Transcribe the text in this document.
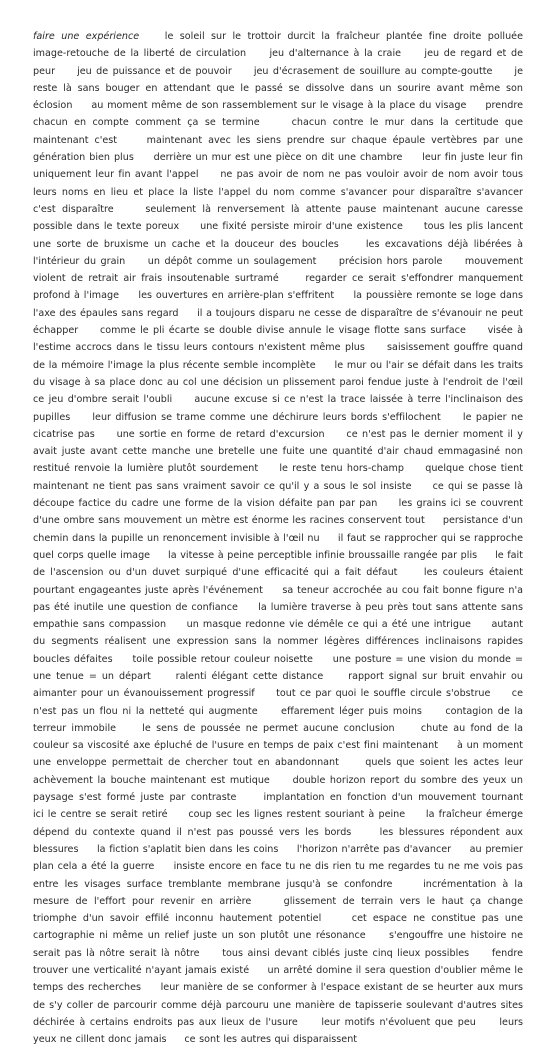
faire une expérience	le soleil sur le trottoir durcit la fraîcheur plantée fine droite polluée     image-retouche de la liberté de circulation     jeu d'alternance à la craie     jeu de regard et de peur     jeu de puissance et de pouvoir     jeu d'écrasement de souillure au compte-goutte     je reste là sans bouger en attendant que le passé se dissolve dans un sourire avant même son éclosion     au moment même de son rassemblement sur le visage à la place du visage     prendre chacun en compte comment ça se termine     chacun contre le mur dans la certitude que maintenant c'est     maintenant avec les siens prendre sur chaque épaule vertèbres par une génération bien plus     derrière un mur est une pièce on dit une chambre     leur fin juste leur fin uniquement leur fin avant l'appel     ne pas avoir de nom ne pas vouloir avoir de nom avoir tous leurs noms en lieu et place la liste l'appel du nom comme s'avancer pour disparaître s'avancer c'est disparaître     seulement là renversement là attente pause maintenant aucune caresse possible dans le texte poreux     une fixité persiste miroir d'une existence     tous les plis lancent une sorte de bruxisme un cache et la douceur des boucles     les excavations déjà libérées à l'intérieur du grain     un dépôt comme un soulagement     précision hors parole     mouvement violent de retrait air frais insoutenable surtramé     regarder ce serait s'effondrer manquement profond à l'image     les ouvertures en arrière-plan s'effritent     la poussière remonte se loge dans l'axe des épaules sans regard     il a toujours disparu ne cesse de disparaître de s'évanouir ne peut échapper     comme le pli écarte se double divise annule le visage flotte sans surface     visée à l'estime accrocs dans le tissu leurs contours n'existent même plus     saisissement gouffre quand de la mémoire l'image la plus récente semble incomplète     le mur ou l'air se défait dans les traits du visage à sa place donc au col une décision un plissement paroi fendue juste à l'endroit de l'œil     ce jeu d'ombre serait l'oubli     aucune excuse si ce n'est la trace laissée à terre l'inclinaison des pupilles     leur diffusion se trame comme une déchirure leurs bords s'effilochent     le papier ne cicatrise pas     une sortie en forme de retard d'excursion     ce n'est pas le dernier moment il y avait juste avant cette manche une bretelle une fuite une quantité d'air chaud emmagasiné non restitué renvoie la lumière plutôt sourdement     le reste tenu hors-champ     quelque chose tient maintenant ne tient pas sans vraiment savoir ce qu'il y a sous le sol insiste     ce qui se passe là découpe factice du cadre une forme de la vision défaite pan par pan     les grains ici se couvrent d'une ombre sans mouvement un mètre est énorme les racines conservent tout     persistance d'un chemin dans la pupille un renoncement invisible à l'œil nu     il faut se rapprocher qui se rapproche quel corps quelle image     la vitesse à peine perceptible infinie broussaille rangée par plis     le fait de l'ascension ou d'un duvet surpiqué d'une efficacité qui a fait défaut     les couleurs étaient pourtant engageantes juste après l'événement     sa teneur accrochée au cou fait bonne figure n'a pas été inutile une question de confiance     la lumière traverse à peu près tout sans attente sans empathie sans compassion     un masque redonne vie démêle ce qui a été une intrigue     autant du segments réalisent une expression sans la nommer légères différences inclinaisons rapides boucles défaites     toile possible retour couleur noisette     une posture = une vision du monde = une tenue = un départ     ralenti élégant cette distance     rapport signal sur bruit envahir ou aimanter pour un évanouissement progressif     tout ce par quoi le souffle circule s'obstrue     ce n'est pas un flou ni la netteté qui augmente     effarement léger puis moins     contagion de la terreur immobile     le sens de poussée ne permet aucune conclusion     chute au fond de la couleur sa viscosité axe épluché de l'usure en temps de paix c'est fini maintenant     à un moment une enveloppe permettait de chercher tout en abandonnant     quels que soient les actes leur achèvement la bouche maintenant est mutique     double horizon report du sombre des yeux un paysage s'est formé juste par contraste     implantation en fonction d'un mouvement tournant     ici le centre se serait retiré     coup sec les lignes restent souriant à peine     la fraîcheur émerge dépend du contexte quand il n'est pas poussé vers les bords     les blessures répondent aux blessures     la fiction s'aplatit bien dans les coins     l'horizon n'arrête pas d'avancer     au premier plan cela a été la guerre     insiste encore en face tu ne dis rien tu me regardes tu ne me vois pas     entre les visages surface tremblante membrane jusqu'à se confondre     incrémentation à la mesure de l'effort pour revenir en arrière     glissement de terrain vers le haut ça change     triomphe d'un savoir effilé inconnu hautement potentiel     cet espace ne constitue pas une cartographie ni même un relief juste un son plutôt une résonance     s'engouffre une histoire ne serait pas là nôtre serait là nôtre     tous ainsi devant ciblés juste cinq lieux possibles     fendre trouver une verticalité n'ayant jamais existé     un arrêté domine il sera question d'oublier même le temps des recherches     leur manière de se conformer à l'espace existant de se heurter aux murs de s'y coller de parcourir comme déjà parcouru une manière de tapisserie soulevant d'autres sites déchirée à certains endroits pas aux lieux de l'usure     leur motifs n'évoluent que peu     leurs yeux ne cillent donc jamais     ce sont les autres qui disparaissent
